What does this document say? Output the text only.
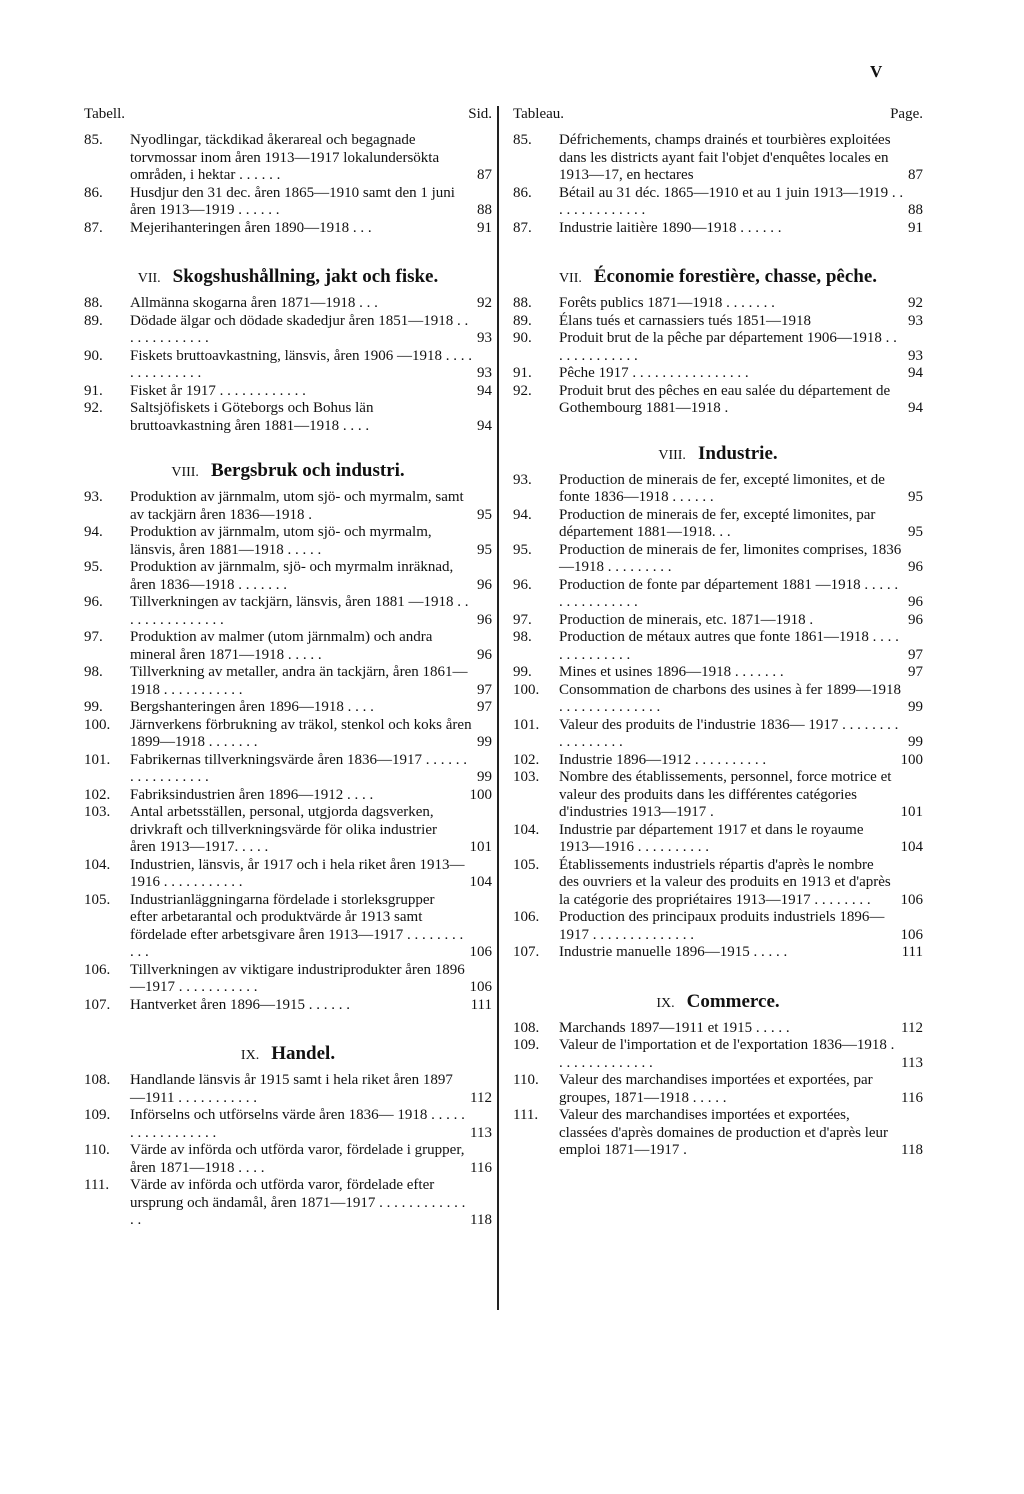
V
Tabell.	Sid.
85.	Nyodlingar, täckdikad åkerareal och begagnade torvmossar inom åren 1913—1917 lokalundersökta områden, i hektar . . . . . .	87
86.	Husdjur den 31 dec. åren 1865—1910 samt den 1 juni åren 1913—1919 . . . . . .	88
87.	Mejerihanteringen åren 1890—1918 . . .	91
VII. Skogshushållning, jakt och fiske.
88.	Allmänna skogarna åren 1871—1918 . . .	92
89.	Dödade älgar och dödade skadedjur åren 1851—1918 . . . . . . . . . . . . .	93
90.	Fiskets bruttoavkastning, länsvis, åren 1906 —1918 . . . . . . . . . . . . . .	93
91.	Fisket år 1917 . . . . . . . . . . . .	94
92.	Saltsjöfiskets i Göteborgs och Bohus län bruttoavkastning åren 1881—1918 . . . .	94
VIII. Bergsbruk och industri.
93.	Produktion av järnmalm, utom sjö- och myrmalm, samt av tackjärn åren 1836—1918 .	95
94.	Produktion av järnmalm, utom sjö- och myrmalm, länsvis, åren 1881—1918 . . . . .	95
95.	Produktion av järnmalm, sjö- och myrmalm inräknad, åren 1836—1918 . . . . . . .	96
96.	Tillverkningen av tackjärn, länsvis, åren 1881 —1918 . . . . . . . . . . . . . . .	96
97.	Produktion av malmer (utom järnmalm) och andra mineral åren 1871—1918 . . . . .	96
98.	Tillverkning av metaller, andra än tackjärn, åren 1861—1918 . . . . . . . . . . .	97
99.	Bergshanteringen åren 1896—1918 . . . .	97
100.	Järnverkens förbrukning av träkol, stenkol och koks åren 1899—1918 . . . . . . .	99
101.	Fabrikernas tillverkningsvärde åren 1836—1917 . . . . . . . . . . . . . . . . .	99
102.	Fabriksindustrien åren 1896—1912 . . . .	100
103.	Antal arbetsställen, personal, utgjorda dagsverken, drivkraft och tillverkningsvärde för olika industrier åren 1913—1917. . . . .	101
104.	Industrien, länsvis, år 1917 och i hela riket åren 1913—1916 . . . . . . . . . . .	104
105.	Industrianläggningarna fördelade i storleksgrupper efter arbetarantal och produktvärde år 1913 samt fördelade efter arbetsgivare åren 1913—1917 . . . . . . . . . . .	106
106.	Tillverkningen av viktigare industriprodukter åren 1896—1917 . . . . . . . . . . .	106
107.	Hantverket åren 1896—1915 . . . . . .	111
IX. Handel.
108.	Handlande länsvis år 1915 samt i hela riket åren 1897—1911 . . . . . . . . . . .	112
109.	Införselns och utförselns värde åren 1836— 1918 . . . . . . . . . . . . . . . . .	113
110.	Värde av införda och utförda varor, fördelade i grupper, åren 1871—1918 . . . .	116
111.	Värde av införda och utförda varor, fördelade efter ursprung och ändamål, åren 1871—1917 . . . . . . . . . . . . . .	118
Tableau.	Page.
85.	Défrichements, champs drainés et tourbières exploitées dans les districts ayant fait l'objet d'enquêtes locales en 1913—17, en hectares	87
86.	Bétail au 31 déc. 1865—1910 et au 1 juin 1913—1919 . . . . . . . . . . . . . .	88
87.	Industrie laitière 1890—1918 . . . . . .	91
VII. Économie forestière, chasse, pêche.
88.	Forêts publics 1871—1918 . . . . . . .	92
89.	Élans tués et carnassiers tués 1851—1918	93
90.	Produit brut de la pêche par département 1906—1918 . . . . . . . . . . . . .	93
91.	Pêche 1917 . . . . . . . . . . . . . . . .	94
92.	Produit brut des pêches en eau salée du département de Gothembourg 1881—1918 .	94
VIII. Industrie.
93.	Production de minerais de fer, excepté limonites, et de fonte 1836—1918 . . . . . .	95
94.	Production de minerais de fer, excepté limonites, par département 1881—1918. . .	95
95.	Production de minerais de fer, limonites comprises, 1836—1918 . . . . . . . . .	96
96.	Production de fonte par département 1881 —1918 . . . . . . . . . . . . . . . .	96
97.	Production de minerais, etc. 1871—1918 .	96
98.	Production de métaux autres que fonte 1861—1918 . . . . . . . . . . . . . .	97
99.	Mines et usines 1896—1918 . . . . . . .	97
100.	Consommation de charbons des usines à fer 1899—1918 . . . . . . . . . . . . . .	99
101.	Valeur des produits de l'industrie 1836— 1917 . . . . . . . . . . . . . . . . .	99
102.	Industrie 1896—1912 . . . . . . . . . .	100
103.	Nombre des établissements, personnel, force motrice et valeur des produits dans les différentes catégories d'industries 1913—1917 .	101
104.	Industrie par département 1917 et dans le royaume 1913—1916 . . . . . . . . . .	104
105.	Établissements industriels répartis d'après le nombre des ouvriers et la valeur des produits en 1913 et d'après la catégorie des propriétaires 1913—1917 . . . . . . . .	106
106.	Production des principaux produits industriels 1896—1917 . . . . . . . . . . . . . .	106
107.	Industrie manuelle 1896—1915 . . . . .	111
IX. Commerce.
108.	Marchands 1897—1911 et 1915 . . . . .	112
109.	Valeur de l'importation et de l'exportation 1836—1918 . . . . . . . . . . . . . .	113
110.	Valeur des marchandises importées et exportées, par groupes, 1871—1918 . . . . .	116
111.	Valeur des marchandises importées et exportées, classées d'après domaines de production et d'après leur emploi 1871—1917 .	118
